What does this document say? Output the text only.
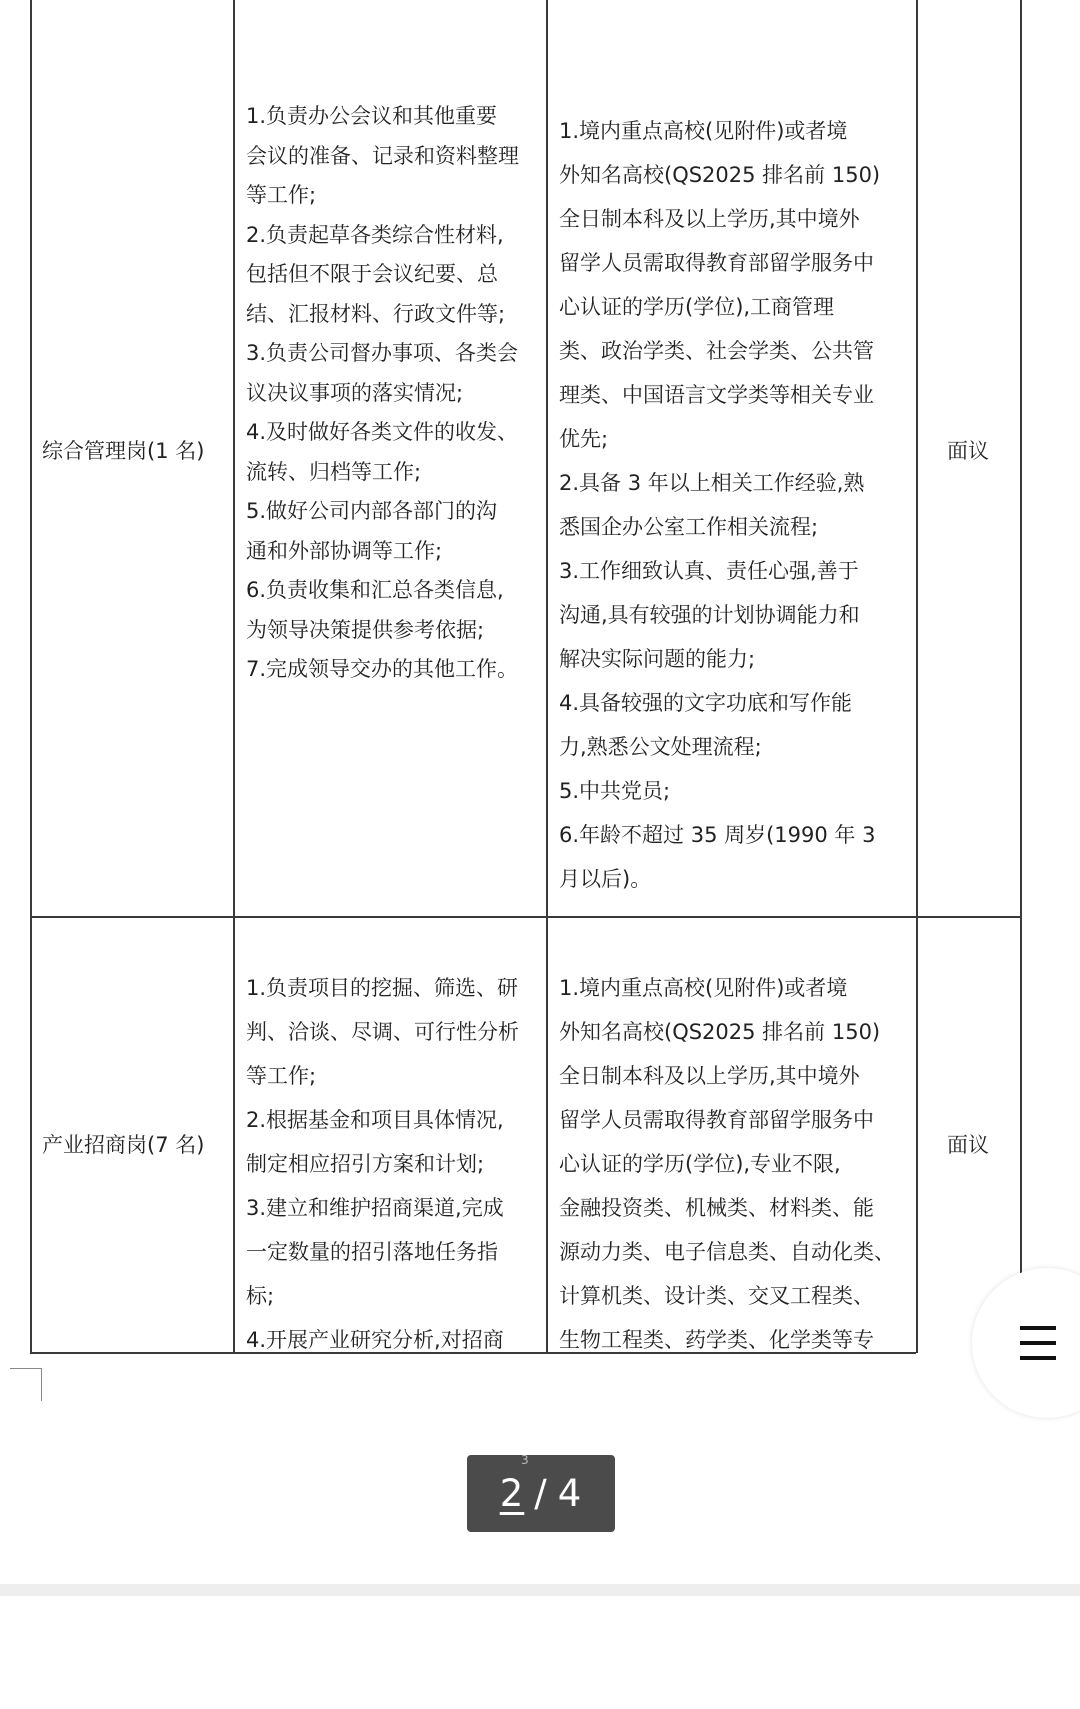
综合管理岗(1 名)
1.负责办公会议和其他重要
会议的准备、记录和资料整理
等工作;
2.负责起草各类综合性材料,
包括但不限于会议纪要、总
结、汇报材料、行政文件等;
3.负责公司督办事项、各类会
议决议事项的落实情况;
4.及时做好各类文件的收发、
流转、归档等工作;
5.做好公司内部各部门的沟
通和外部协调等工作;
6.负责收集和汇总各类信息,
为领导决策提供参考依据;
7.完成领导交办的其他工作。
1.境内重点高校(见附件)或者境
外知名高校(QS2025 排名前 150)
全日制本科及以上学历,其中境外
留学人员需取得教育部留学服务中
心认证的学历(学位),工商管理
类、政治学类、社会学类、公共管
理类、中国语言文学类等相关专业
优先;
2.具备 3 年以上相关工作经验,熟
悉国企办公室工作相关流程;
3.工作细致认真、责任心强,善于
沟通,具有较强的计划协调能力和
解决实际问题的能力;
4.具备较强的文字功底和写作能
力,熟悉公文处理流程;
5.中共党员;
6.年龄不超过 35 周岁(1990 年 3
月以后)。
面议
产业招商岗(7 名)
1.负责项目的挖掘、筛选、研
判、洽谈、尽调、可行性分析
等工作;
2.根据基金和项目具体情况,
制定相应招引方案和计划;
3.建立和维护招商渠道,完成
一定数量的招引落地任务指
标;
4.开展产业研究分析,对招商
1.境内重点高校(见附件)或者境
外知名高校(QS2025 排名前 150)
全日制本科及以上学历,其中境外
留学人员需取得教育部留学服务中
心认证的学历(学位),专业不限,
金融投资类、机械类、材料类、能
源动力类、电子信息类、自动化类、
计算机类、设计类、交叉工程类、
生物工程类、药学类、化学类等专
面议
2 / 4
3
